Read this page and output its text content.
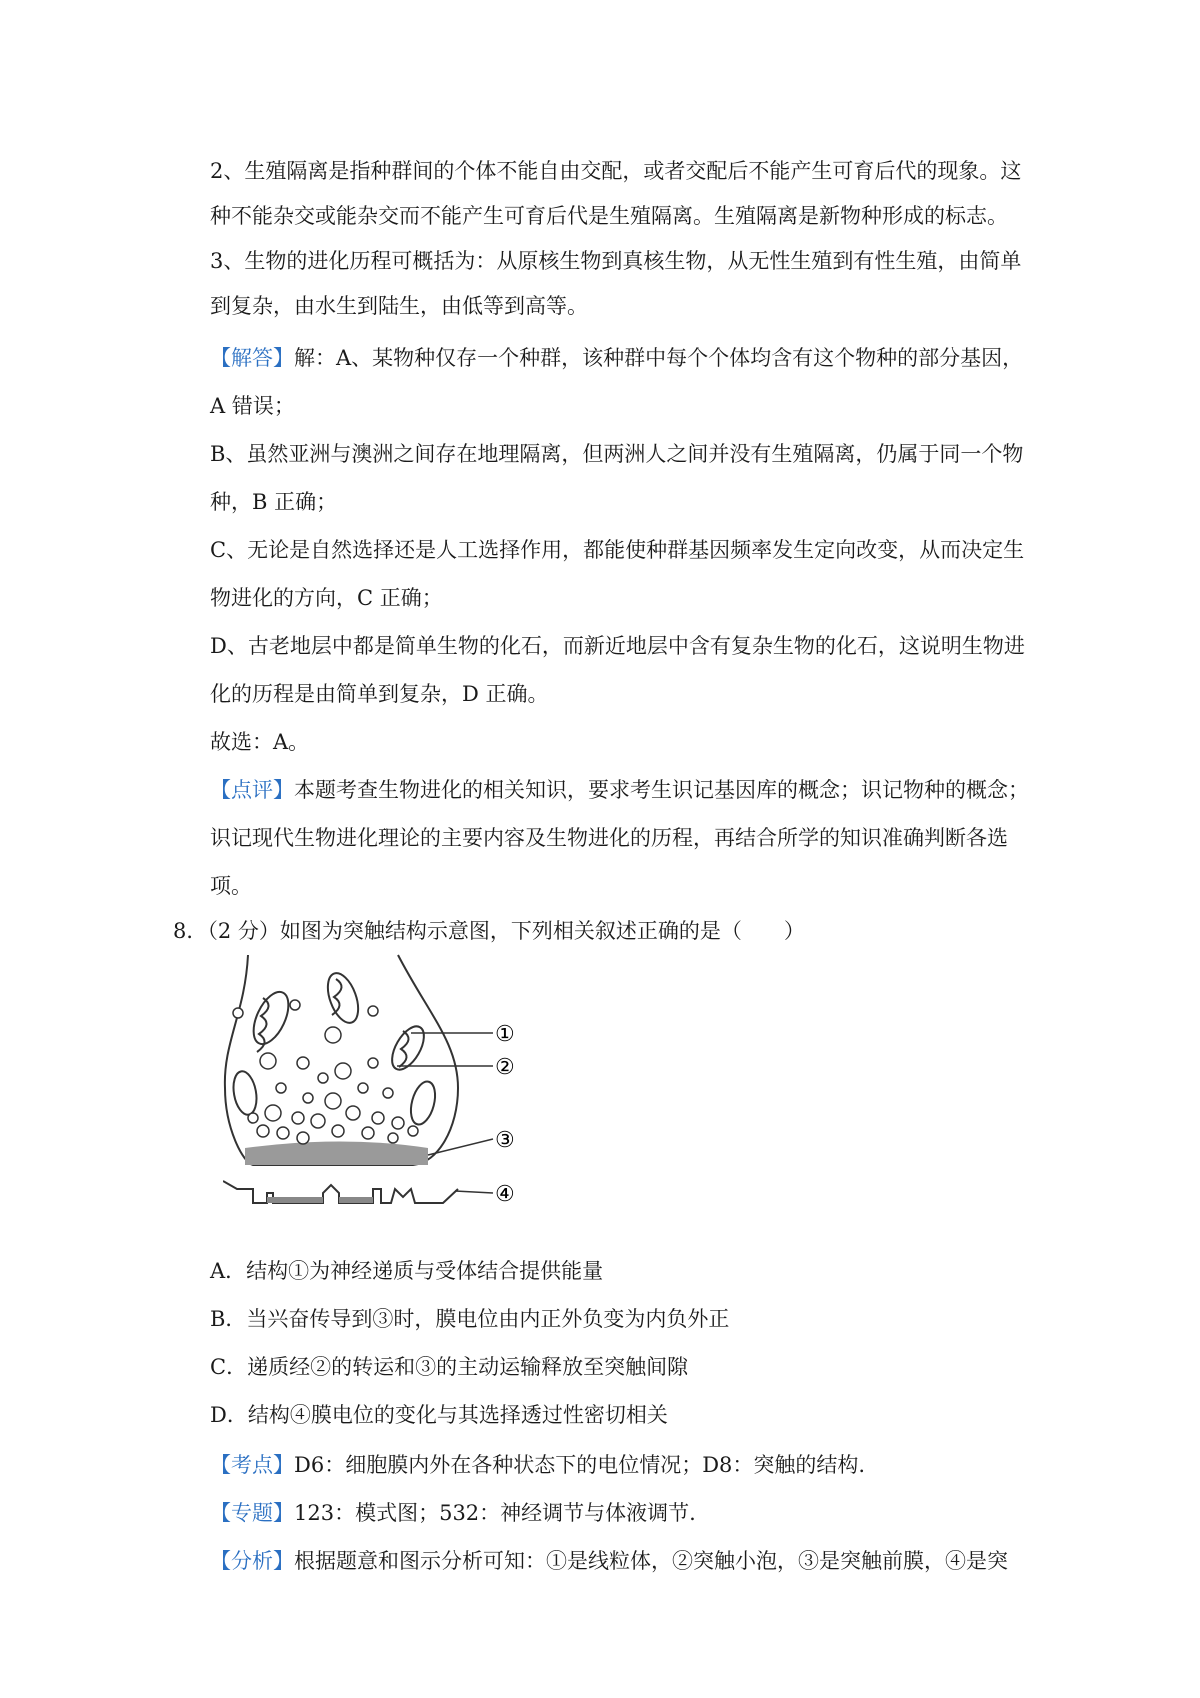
2、生殖隔离是指种群间的个体不能自由交配，或者交配后不能产生可育后代的现象。这
种不能杂交或能杂交而不能产生可育后代是生殖隔离。生殖隔离是新物种形成的标志。
3、生物的进化历程可概括为：从原核生物到真核生物，从无性生殖到有性生殖，由简单
到复杂，由水生到陆生，由低等到高等。
【解答】解：A、某物种仅存一个种群，该种群中每个个体均含有这个物种的部分基因，
A 错误；
B、虽然亚洲与澳洲之间存在地理隔离，但两洲人之间并没有生殖隔离，仍属于同一个物
种，B 正确；
C、无论是自然选择还是人工选择作用，都能使种群基因频率发生定向改变，从而决定生
物进化的方向，C 正确；
D、古老地层中都是简单生物的化石，而新近地层中含有复杂生物的化石，这说明生物进
化的历程是由简单到复杂，D 正确。
故选：A。
【点评】本题考查生物进化的相关知识，要求考生识记基因库的概念；识记物种的概念；
识记现代生物进化理论的主要内容及生物进化的历程，再结合所学的知识准确判断各选
项。
8．（2 分）如图为突触结构示意图，下列相关叙述正确的是（　　）
①
②
③
④
A．结构①为神经递质与受体结合提供能量
B．当兴奋传导到③时，膜电位由内正外负变为内负外正
C．递质经②的转运和③的主动运输释放至突触间隙
D．结构④膜电位的变化与其选择透过性密切相关
【考点】D6：细胞膜内外在各种状态下的电位情况；D8：突触的结构.
【专题】123：模式图；532：神经调节与体液调节.
【分析】根据题意和图示分析可知：①是线粒体，②突触小泡，③是突触前膜，④是突
